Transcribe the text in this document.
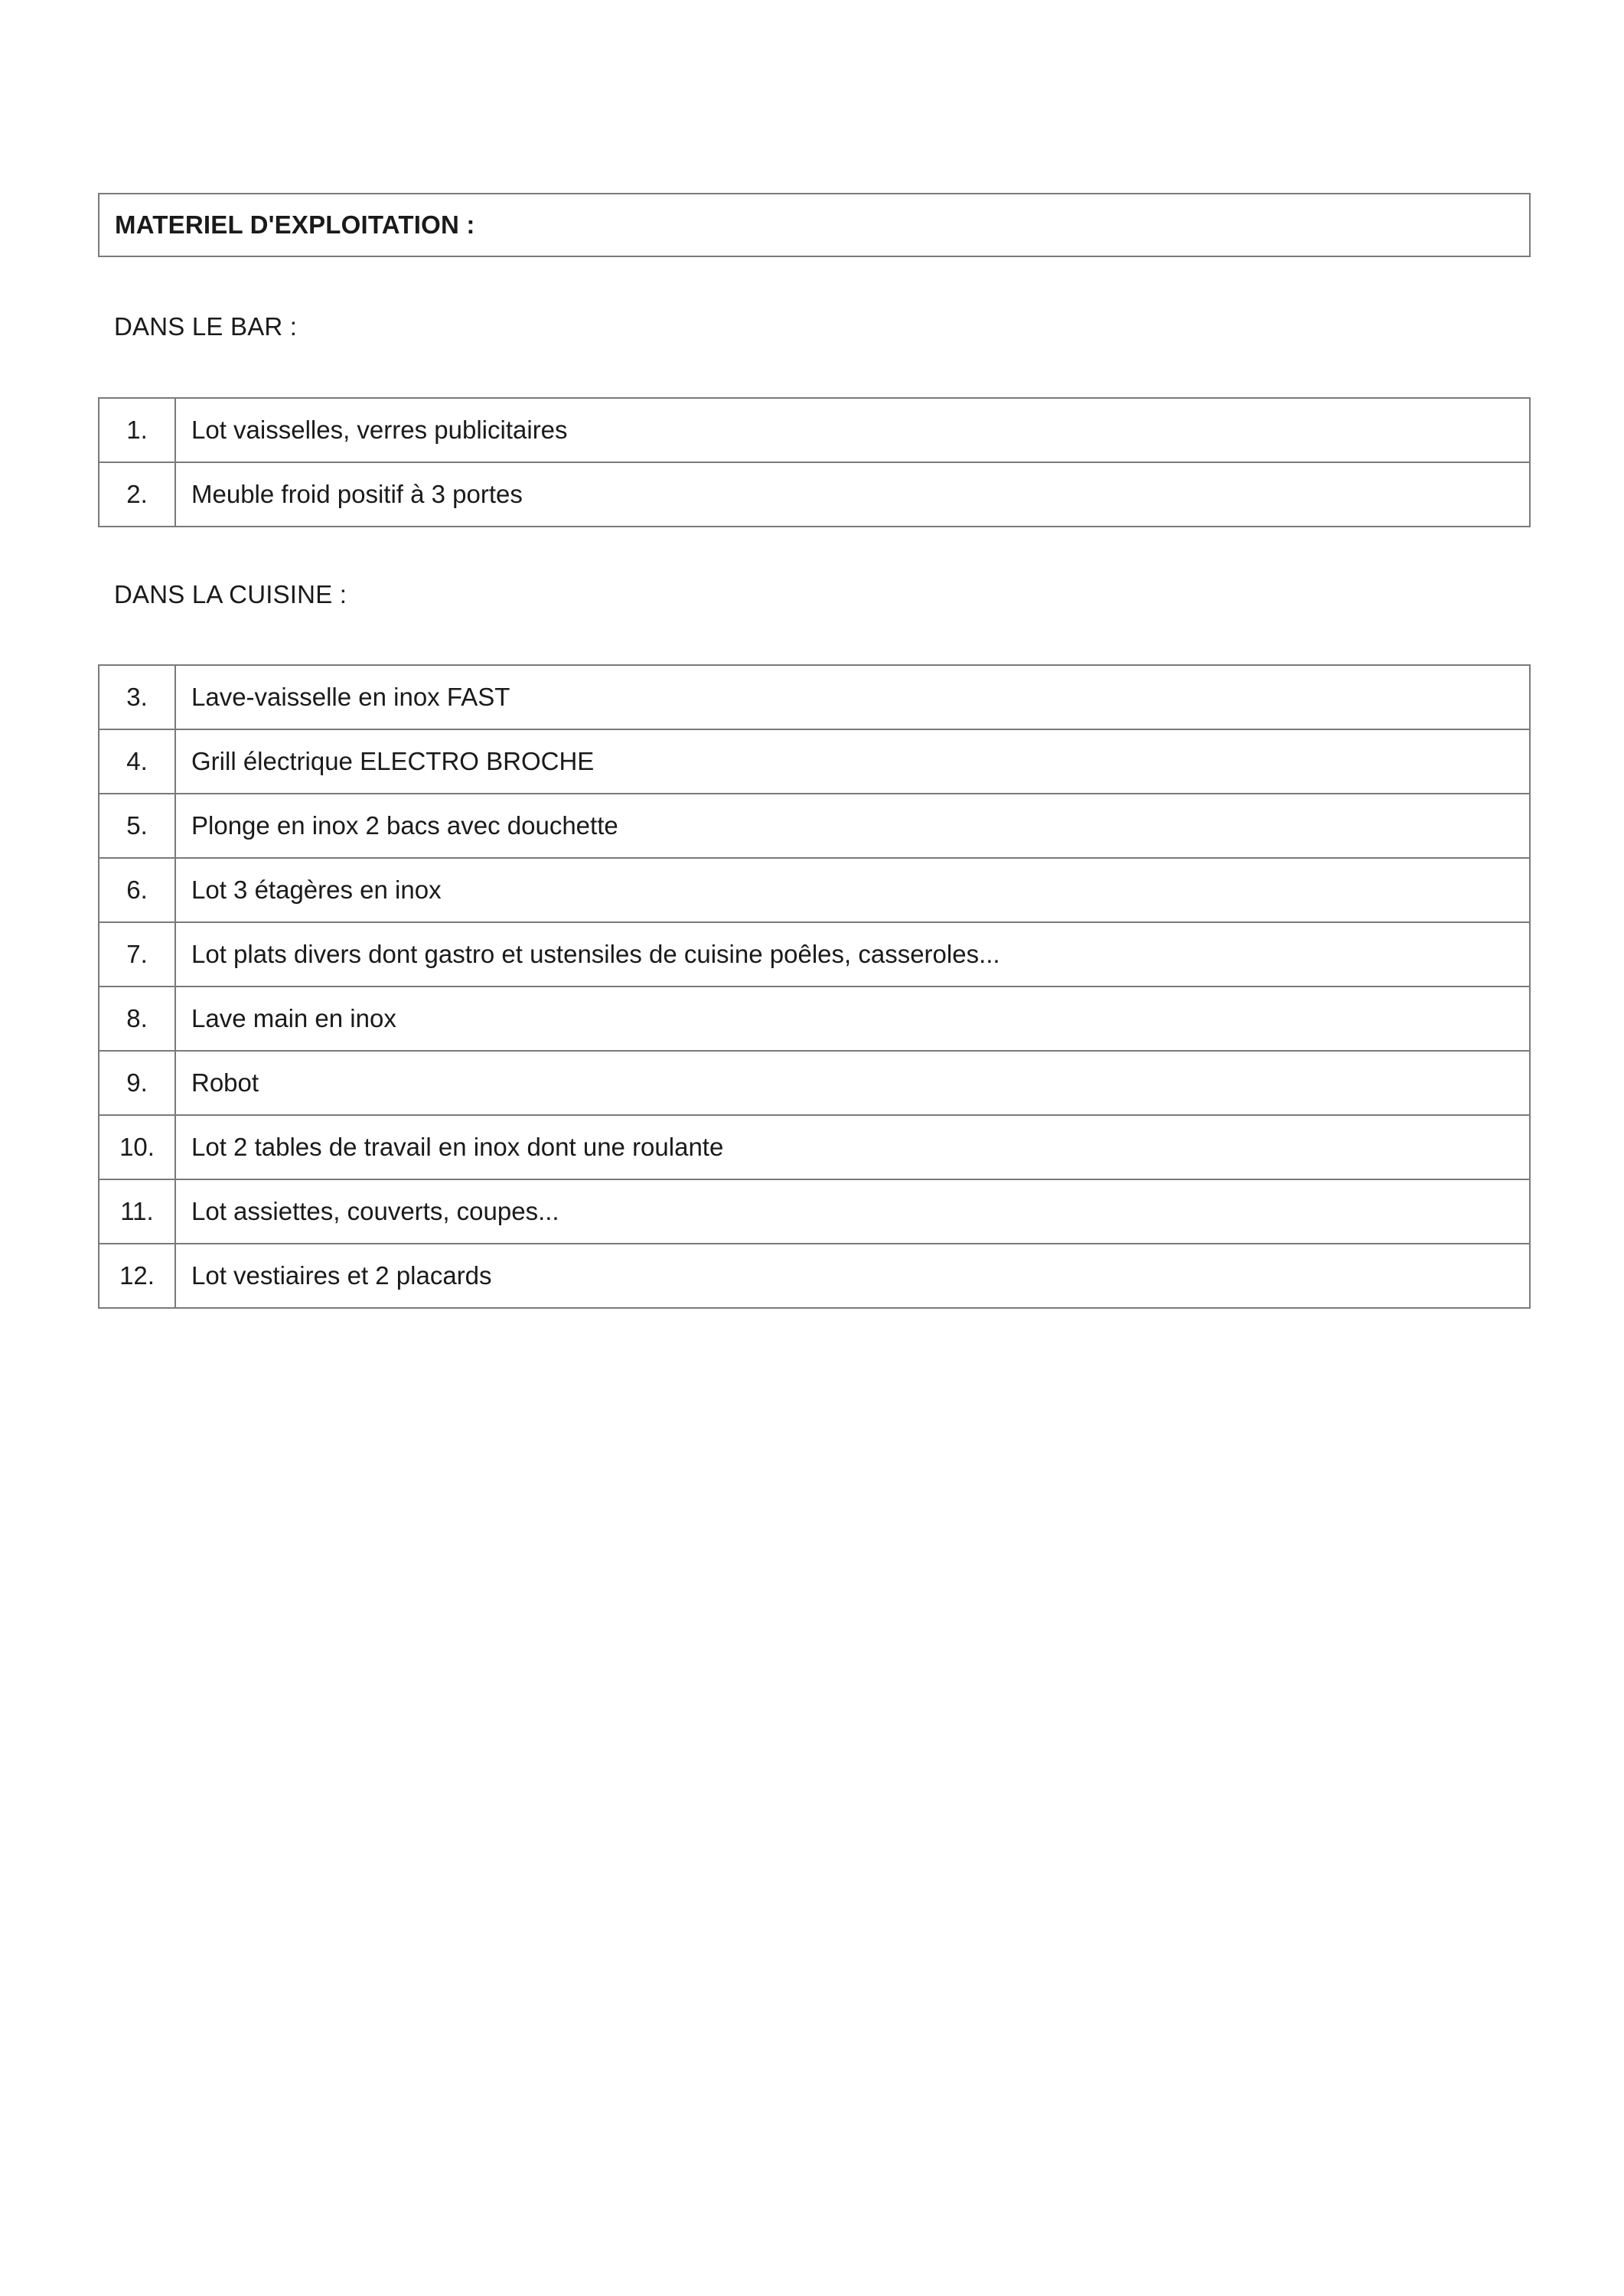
MATERIEL D'EXPLOITATION :
DANS LE BAR :
1.	Lot vaisselles, verres publicitaires
2.	Meuble froid positif à 3 portes
DANS LA CUISINE :
3.	Lave-vaisselle en inox FAST
4.	Grill électrique ELECTRO BROCHE
5.	Plonge en inox 2 bacs avec douchette
6.	Lot 3 étagères en inox
7.	Lot plats divers dont gastro et ustensiles de cuisine poêles, casseroles...
8.	Lave main en inox
9.	Robot
10.	Lot 2 tables de travail en inox dont une roulante
11.	Lot assiettes, couverts, coupes...
12.	Lot vestiaires et 2 placards
